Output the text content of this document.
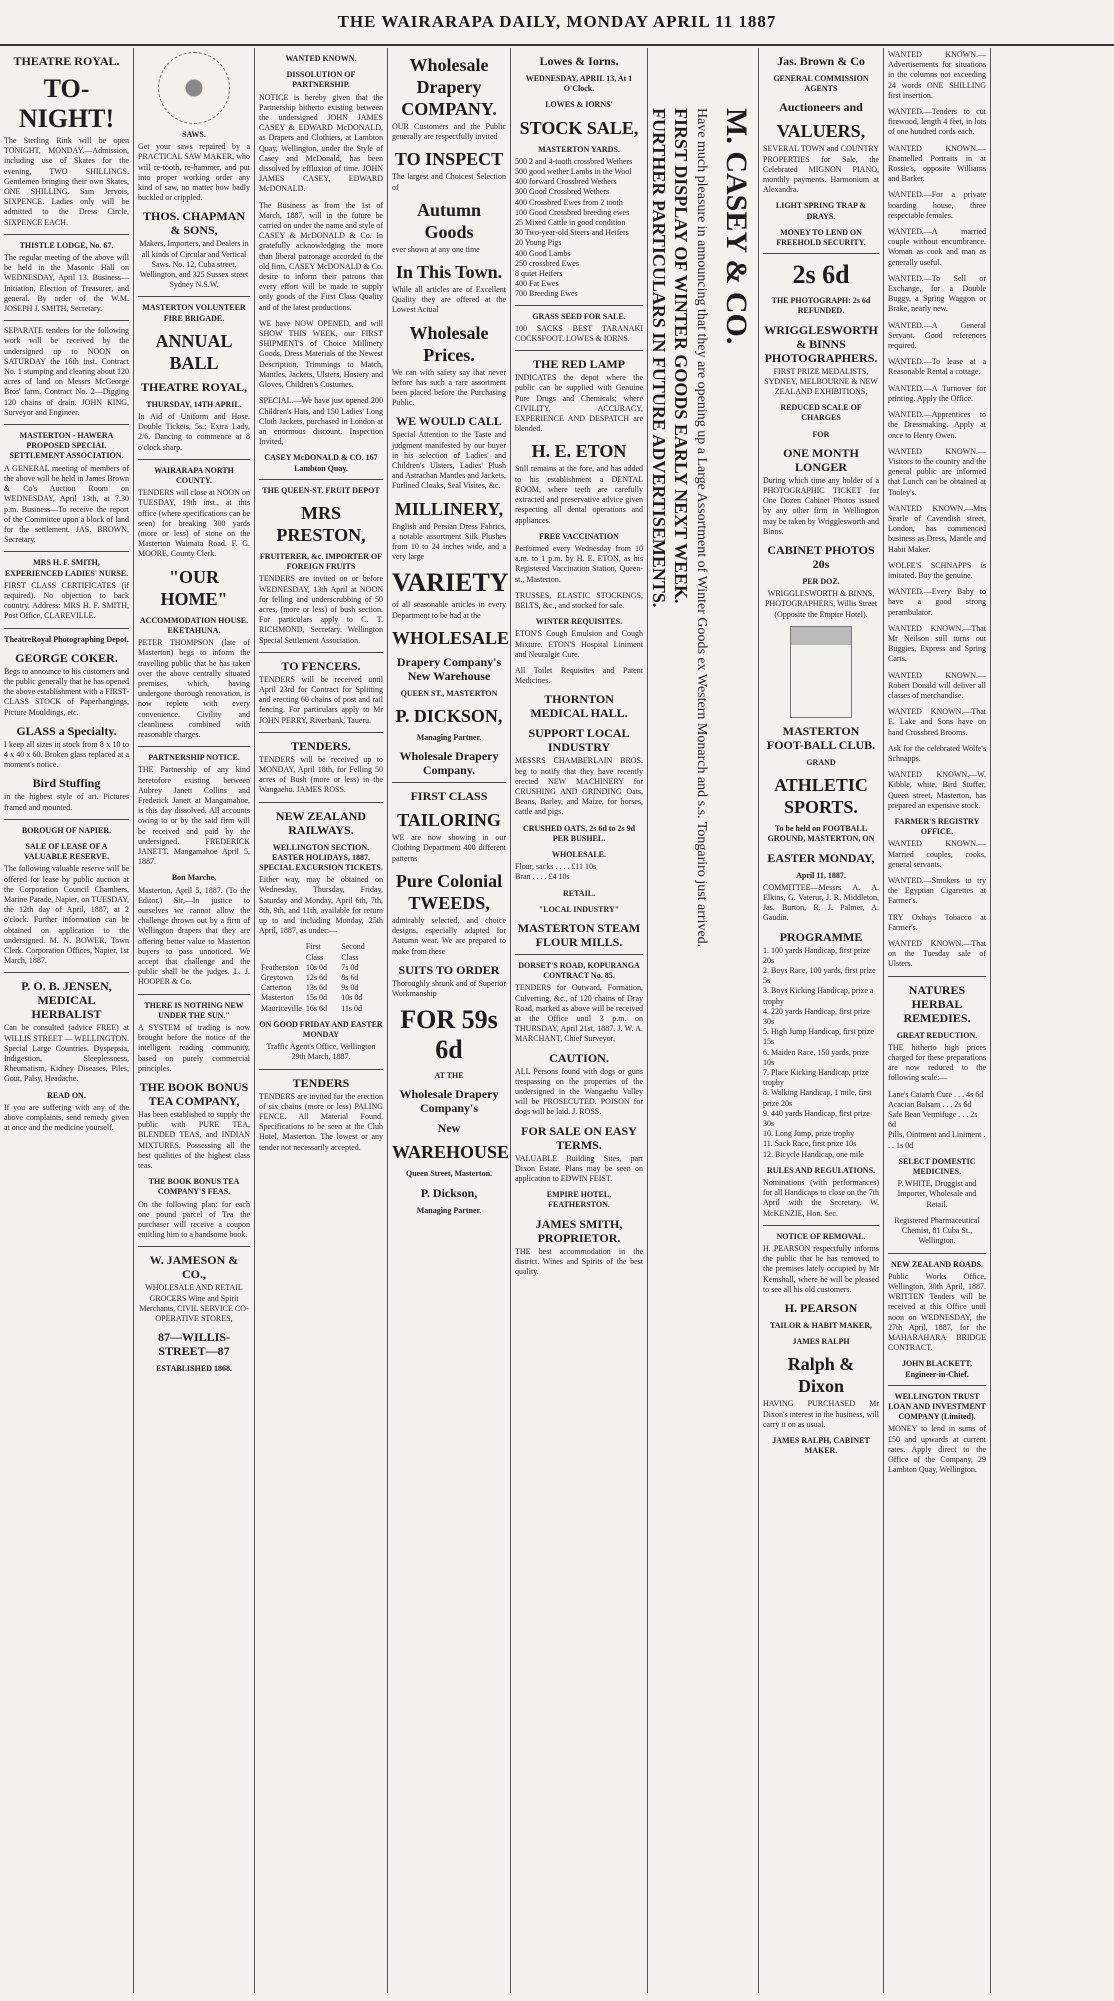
THE WAIRARAPA DAILY, MONDAY APRIL 11 1887
THEATRE ROYAL.
TO-NIGHT!
The Sterling Rink will be open TONIGHT, MONDAY.—Admission, including use of Skates for the evening, TWO SHILLINGS. Gentlemen bringing their own Skates, ONE SHILLING. Sam Jervois, SIXPENCE. Ladies only will be admitted to the Dress Circle, SIXPENCE EACH.
THISTLE LODGE, No. 67.
The regular meeting of the above will be held in the Masonic Hall on WEDNESDAY, April 13. Business—Initiation, Election of Treasurer, and general. By order of the W.M. JOSEPH J. SMITH, Secretary.
SEPARATE tenders for the following work will be received by the undersigned up to NOON on SATURDAY the 16th inst. Contract No. 1 stumping and clearing about 120 acres of land on Messrs McGeorge Bros' farm. Contract No. 2—Digging 120 chains of drain. JOHN KING, Surveyor and Engineer.
MASTERTON - HAWERA PROPOSED SPECIAL SETTLEMENT ASSOCIATION.
A GENERAL meeting of members of the above will be held in James Brown & Co's Auction Room on WEDNESDAY, April 13th, at 7.30 p.m. Business—To receive the report of the Committee upon a block of land for the settlement. JAS. BROWN, Secretary.
MRS H. F. SMITH, EXPERIENCED LADIES' NURSE.
FIRST CLASS CERTIFICATES (if required). No objection to back country. Address: MRS H. F. SMITH, Post Office, CLAREVILLE.
TheatreRoyal Photographing Depot.
GEORGE COKER.
Begs to announce to his customers and the public generally that he has opened the above establishment with a FIRST-CLASS STOCK of Paperhangings, Picture Mouldings, etc.
GLASS a Specialty.
I keep all sizes in stock from 8 x 10 to 4 x 40 x 60. Broken glass replaced at a moment's notice.
Bird Stuffing
in the highest style of art. Pictures framed and mounted.
BOROUGH OF NAPIER.
SALE OF LEASE OF A VALUABLE RESERVE.
The following valuable reserve will be offered for lease by public auction at the Corporation Council Chambers, Marine Parade, Napier, on TUESDAY, the 12th day of April, 1887, at 2 o'clock. Further information can be obtained on application to the undersigned. M. N. BOWER, Town Clerk. Corporation Offices, Napier, 1st March, 1887.
P. O. B. JENSEN, MEDICAL HERBALIST
Can be consulted (advice FREE) at WILLIS STREET — WELLINGTON. Special Large Countries. Dyspepsia, Indigestion, Sleeplessness, Rheumatism, Kidney Diseases, Piles, Gout, Palsy, Headache.
READ ON.
If you are suffering with any of the above complaints, send remedy given at once and the medicine yourself.
SAWS.
Get your saws repaired by a PRACTICAL SAW MAKER, who will re-tooth, re-hammer, and put into proper working order any kind of saw, no matter how badly buckled or crippled.
THOS. CHAPMAN & SONS,
Makers, Importers, and Dealers in all kinds of Circular and Vertical Saws. No. 12, Cuba street, Wellington, and 325 Sussex street Sydney N.S.W.
MASTERTON VOLUNTEER FIRE BRIGADE.
ANNUAL BALL
THEATRE ROYAL,
THURSDAY, 14TH APRIL.
In Aid of Uniform and Hose. Double Tickets, 5s.; Extra Lady, 2/6. Dancing to commence at 8 o'clock sharp.
WAIRARAPA NORTH COUNTY.
TENDERS will close at NOON on TUESDAY, 19th inst., at this office (where specifications can be seen) for breaking 300 yards (more or less) of stone on the Masterton Waimata Road. F. G. MOORE, County Clerk.
"OUR HOME"
ACCOMMODATION HOUSE. EKETAHUNA.
PETER THOMPSON (late of Masterton) begs to inform the travelling public that he has taken over the above centrally situated premises, which, having undergone thorough renovation, is now replete with every convenience. Civility and cleanliness combined with reasonable charges.
PARTNERSHIP NOTICE.
THE Partnership of any kind heretofore existing between Aubrey Janett Collins and Frederick Janett at Mangamahoe, is this day dissolved. All accounts owing to or by the said firm will be received and paid by the undersigned. FREDERICK JANETT. Mangamahoe April 5, 1887.
Bon Marche,
Masterton, April 5, 1887. (To the Editor.) Sir,—In justice to ourselves we cannot allow the challenge thrown out by a firm of Wellington drapers that they are offering better value to Masterton buyers to pass unnoticed. We accept that challenge and the public shall be the judges. L. J. HOOPER & Co.
THERE IS NOTHING NEW UNDER THE SUN."
A SYSTEM of trading is now brought before the notice of the intelligent reading community, based on purely commercial principles.
THE BOOK BONUS TEA COMPANY,
Has been established to supply the public with PURE TEA, BLENDED TEAS, and INDIAN MIXTURES. Possessing all the best qualities of the highest class teas.
THE BOOK BONUS TEA COMPANY'S FEAS.
On the following plan: for each one pound parcel of Tea the purchaser will receive a coupon entitling him to a handsome book.
W. JAMESON & CO.,
WHOLESALE AND RETAIL GROCERS Wine and Spirit Merchants, CIVIL SERVICE CO-OPERATIVE STORES,
87—WILLIS-STREET—87
ESTABLISHED 1868.
WANTED KNOWN.
DISSOLUTION OF PARTNERSHIP.
NOTICE is hereby given that the Partnership hitherto existing between the undersigned JOHN JAMES CASEY & EDWARD McDONALD, as Drapers and Clothiers, at Lambton Quay, Wellington, under the Style of Casey and McDonald, has been dissolved by effluxion of time. JOHN JAMES CASEY, EDWARD McDONALD.
The Business as from the 1st of March, 1887, will in the future be carried on under the name and style of CASEY & McDONALD & Co. In gratefully acknowledging the more than liberal patronage accorded to the old firm, CASEY McDONALD & Co. desire to inform their patrons that every effort will be made to supply only goods of the First Class Quality and of the latest productions.
WE have NOW OPENED, and will SHOW THIS WEEK, our FIRST SHIPMENTS of Choice Millinery Goods, Dress Materials of the Newest Description, Trimmings to Match, Mantles, Jackets, Ulsters, Hosiery and Gloves, Children's Costumes.
SPECIAL.—We have just opened 200 Children's Hats, and 150 Ladies' Long Cloth Jackets, purchased in London at an enormous discount. Inspection Invited,
CASEY McDONALD & CO. 167 Lambton Quay.
THE QUEEN-ST. FRUIT DEPOT
MRS PRESTON,
FRUITERER, &c. IMPORTER OF FOREIGN FRUITS
TENDERS are invited on or before WEDNESDAY, 13th April at NOON for felling and underscrubbing of 50 acres, (more or less) of bush section. For particulars apply to C. T. RICHMOND, Secretary. Wellington Special Settlement Association.
TO FENCERS.
TENDERS will be received until April 23rd for Contract for Splitting and erecting 60 chains of post and rail fencing. For particulars apply to Mr JOHN PERRY, Riverbank, Taueru.
TENDERS.
TENDERS will be received up to MONDAY, April 18th, for Felling 50 acres of Bush (more or less) in the Wangaehu. JAMES ROSS.
NEW ZEALAND RAILWAYS.
WELLINGTON SECTION. EASTER HOLIDAYS, 1887. SPECIAL EXCURSION TICKETS.
Either way, may be obtained on Wednesday, Thursday, Friday, Saturday and Monday, April 6th, 7th, 8th, 9th, and 11th, available for return up to and including Monday, 25th April, 1887, as under:—
	First Class	Second Class
Featherston	10s 0d	7s 0d
Greytown	12s 6d	8s 6d
Carterton	13s 6d	9s 0d
Masterton	15s 0d	10s 0d
Mauriceville	16s 6d	11s 0d
ON GOOD FRIDAY AND EASTER MONDAY
Traffic Agent's Office, Wellington 29th March, 1887.
TENDERS
TENDERS are invited for the erection of six chains (more or less) PALING FENCE. All Material Found. Specifications to be seen at the Club Hotel, Masterton. The lowest or any tender not necessarily accepted.
Wholesale Drapery COMPANY.
OUR Customers and the Public generally are respectfully invited
TO INSPECT
The largest and Choicest Selection of
Autumn Goods
ever shown at any one time
In This Town.
While all articles are of Excellent Quality they are offered at the Lowest Actual
Wholesale Prices.
We can with safety say that never before has such a rare assortment been placed before the Purchasing Public.
WE WOULD CALL
Special Attention to the Taste and judgment manifested by our buyer in his selection of Ladies' and Children's Ulsters, Ladies' Plush and Astrachan Mantles and Jackets, Furlined Cloaks, Seal Visites, &c.
MILLINERY,
English and Persian Dress Fabrics, a notable assortment Silk Plushes from 10 to 24 inches wide, and a very large
VARIETY
of all seasonable articles in every Department to be had at the
WHOLESALE
Drapery Company's New Warehouse
QUEEN ST., MASTERTON
P. DICKSON,
Managing Partner.
Wholesale Drapery Company.
FIRST CLASS
TAILORING
WE are now showing in our Clothing Department 400 different patterns
Pure Colonial TWEEDS,
admirably selected, and choice designs, especially adapted for Autumn wear. We are prepared to make from these
SUITS TO ORDER
Thoroughly shrunk and of Superior Workmanship
FOR 59s 6d
AT THE
Wholesale Drapery Company's
New
WAREHOUSE
Queen Street, Masterton.
P. Dickson,
Managing Partner.
Lowes & Iorns.
WEDNESDAY, APRIL 13, At 1 O'Clock.
LOWES & IORNS'
STOCK SALE,
MASTERTON YARDS.
500 2 and 4-tooth crossbred Wethers
500 good wether Lambs in the Wool
400 forward Crossbred Wethers
300 Good Crossbred Wethers
400 Crossbred Ewes from 2 tooth
100 Good Crossbred breeding ewes
25 Mixed Cattle in good condition
30 Two-year-old Steers and Heifers
20 Young Pigs
400 Good Lambs
250 crossbred Ewes
8 quiet Heifers
400 Fat Ewes
700 Breeding Ewes
GRASS SEED FOR SALE.
100 SACKS BEST TARANAKI COCKSFOOT. LOWES & IORNS.
THE RED LAMP
INDICATES the depot where the public can be supplied with Genuine Pure Drugs and Chemicals; where CIVILITY, ACCURACY, EXPERIENCE AND DESPATCH are blended.
H. E. ETON
Still remains at the fore, and has added to his establishment a DENTAL ROOM, where teeth are carefully extracted and preservative advice given respecting all dental operations and appliances.
FREE VACCINATION
Performed every Wednesday from 10 a.m. to 1 p.m. by H. E. ETON, as his Registered Vaccination Station, Queen-st., Masterton.
TRUSSES, ELASTIC STOCKINGS, BELTS, &c., and stocked for sale.
WINTER REQUISITES.
ETON'S Cough Emulsion and Cough Mixture. ETON'S Hospital Liniment and Neuralgic Cure.
All Toilet Requisites and Patent Medicines.
THORNTON MEDICAL HALL.
SUPPORT LOCAL INDUSTRY
MESSRS CHAMBERLAIN BROS. beg to notify that they have recently erected NEW MACHINERY for CRUSHING AND GRINDING Oats, Beans, Barley, and Maize, for horses, cattle and pigs.
CRUSHED OATS, 2s 6d to 2s 9d PER BUSHEL.
WHOLESALE.
Flour, sacks . . . . £11 10s
Bran . . . . £4 10s
RETAIL.
"LOCAL INDUSTRY"
MASTERTON STEAM FLOUR MILLS.
DORSET'S ROAD, KOPURANGA CONTRACT No. 85.
TENDERS for Outward, Formation, Culverting, &c., of 120 chains of Dray Road, marked as above will be received at the Office until 3 p.m. on THURSDAY, April 21st, 1887. J. W. A. MARCHANT, Chief Surveyor.
CAUTION.
ALL Persons found with dogs or guns trespassing on the properties of the undersigned in the Wangaehu Valley will be PROSECUTED. POISON for dogs will be laid. J. ROSS.
FOR SALE ON EASY TERMS.
VALUABLE Building Sites, part Dixon Estate. Plans may be seen on application to EDWIN FEIST.
EMPIRE HOTEL, FEATHERSTON.
JAMES SMITH, PROPRIETOR.
THE best accommodation in the district. Wines and Spirits of the best quality.
M. CASEY & CO.
Have much pleasure in announcing that they are opening up a Large Assortment of Winter Goods ex Western Monarch and s.s. Tongariro just arrived.
FIRST DISPLAY OF WINTER GOODS EARLY NEXT WEEK.
FURTHER PARTICULARS IN FUTURE ADVERTISEMENTS.
Jas. Brown & Co
GENERAL COMMISSION AGENTS
Auctioneers and
VALUERS,
SEVERAL TOWN and COUNTRY PROPERTIES for Sale, the Celebrated MIGNON PIANO, monthly payments. Harmonium at Alexandra.
LIGHT SPRING TRAP & DRAYS.
MONEY TO LEND ON FREEHOLD SECURITY.
2s 6d
THE PHOTOGRAPH: 2s 6d REFUNDED.
WRIGGLESWORTH & BINNS PHOTOGRAPHERS.
FIRST PRIZE MEDALISTS, SYDNEY, MELBOURNE & NEW ZEALAND EXHIBITIONS,
REDUCED SCALE OF CHARGES
FOR
ONE MONTH LONGER
During which time any holder of a PHOTOGRAPHIC TICKET for One Dozen Cabinet Photos issued by any other firm in Wellington may be taken by Wrigglesworth and Binns.
CABINET PHOTOS 20s
PER DOZ.
WRIGGLESWORTH & BINNS, PHOTOGRAPHERS, Willis Street (Opposite the Empire Hotel).
MASTERTON FOOT-BALL CLUB.
GRAND
ATHLETIC SPORTS.
To be held on FOOTBALL GROUND, MASTERTON, ON
EASTER MONDAY,
April 11, 1887.
COMMITTEE—Messrs A. A. Elkins, G. Vaterur, J. R. Middleton, Jas. Burton, R. J. Palmer, A. Gaudin.
PROGRAMME
1. 100 yards Handicap, first prize 20s
2. Boys Race, 100 yards, first prize 5s
3. Boys Kicking Handicap, prize a trophy
4. 220 yards Handicap, first prize 30s
5. High Jump Handicap, first prize 15s
6. Maiden Race, 150 yards, prize 10s
7. Place Kicking Handicap, prize trophy
8. Walking Handicap, 1 mile, first prize 20s
9. 440 yards Handicap, first prize 30s
10. Long Jump, prize trophy
11. Sack Race, first prize 10s
12. Bicycle Handicap, one mile
RULES AND REGULATIONS.
Nominations (with performances) for all Handicaps to close on the 7th April with the Secretary. W. McKENZIE, Hon. Sec.
NOTICE OF REMOVAL.
H. PEARSON respectfully informs the public that he has removed to the premises lately occupied by Mr Kemshall, where he will be pleased to see all his old customers.
H. PEARSON
TAILOR & HABIT MAKER,
JAMES RALPH
Ralph & Dixon
HAVING PURCHASED Mr Dixon's interest in the business, will carry it on as usual.
JAMES RALPH, CABINET MAKER.
WANTED KNOWN.—Advertisements for situations in the columns not exceeding 24 words ONE SHILLING first insertion.
WANTED.—Tenders to cut firewood, length 4 feet, in lots of one hundred cords each.
WANTED KNOWN.—Enamelled Portraits in at Rossie's, opposite Williams and Barker.
WANTED.—For a private boarding house, three respectable females.
WANTED.—A married couple without encumbrance. Woman as cook and man as generally useful.
WANTED.—To Sell or Exchange, for a Double Buggy, a Spring Waggon or Brake, nearly new.
WANTED.—A General Servant. Good references required.
WANTED.—To lease at a Reasonable Rental a cottage.
WANTED.—A Turnover for printing. Apply the Office.
WANTED.—Apprentices to the Dressmaking. Apply at once to Henry Owen.
WANTED KNOWN.—Visitors to the country and the general public are informed that Lunch can be obtained at Tooley's.
WANTED KNOWN.—Mrs Searle of Cavendish street, London, has commenced business as Dress, Mantle and Habit Maker.
WOLFE'S SCHNAPPS is imitated. Buy the genuine.
WANTED.—Every Baby to have a good strong perambulator.
WANTED KNOWN.—That Mr Neilson still turns out Buggies, Express and Spring Carts.
WANTED KNOWN.—Robert Donald will deliver all classes of merchandise.
WANTED KNOWN.—That E. Lake and Sons have on hand Crossbred Brooms.
Ask for the celebrated Wolfe's Schnapps.
WANTED KNOWN.—W. Kibble, white, Bird Stuffer, Queen street, Masterton, has prepared an expensive stock.
FARMER'S REGISTRY OFFICE.
WANTED KNOWN.—Married couples, cooks, general servants.
WANTED.—Smokers to try the Egyptian Cigarettes at Farmer's.
TRY Oxhays Tobacco at Farmer's.
WANTED KNOWN.—That on the Tuesday sale of Ulsters.
NATURES HERBAL REMEDIES.
GREAT REDUCTION.
THE hitherto high prices charged for these preparations are now reduced to the following scale:—
Lane's Catarrh Cure . . . 4s 6d
Acacian Balsam . . . 2s 6d
Safe Bean Vermifuge . . . 2s 6d
Pills, Ointment and Liniment . . . 1s 0d
SELECT DOMESTIC MEDICINES.
P. WHITE, Druggist and Importer, Wholesale and Retail.
Registered Pharmaceutical Chemist, 81 Cuba St., Wellington.
NEW ZEALAND ROADS.
Public Works Office, Wellington, 30th April, 1887. WRITTEN Tenders will be received at this Office until noon on WEDNESDAY, the 27th April, 1887, for the MAHARAHARA BRIDGE CONTRACT.
JOHN BLACKETT, Engineer-in-Chief.
WELLINGTON TRUST LOAN AND INVESTMENT COMPANY (Limited).
MONEY to lend in sums of £50 and upwards at current rates. Apply direct to the Office of the Company, 29 Lambton Quay, Wellington.
